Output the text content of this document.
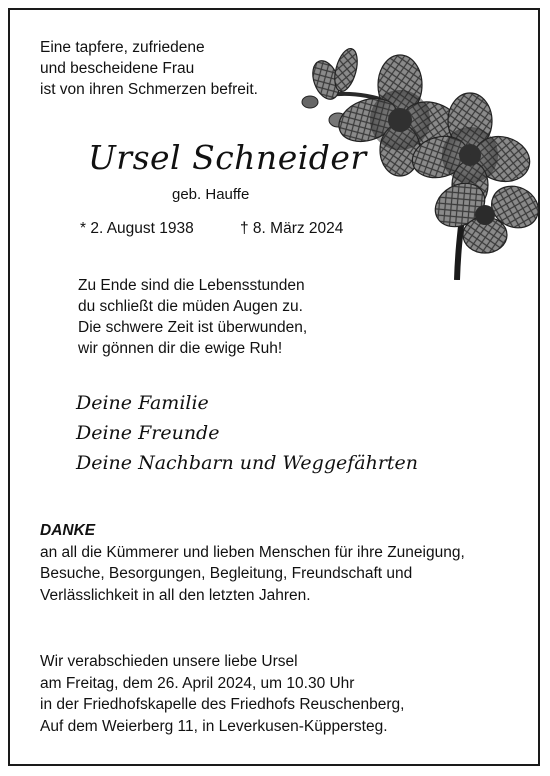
Eine tapfere, zufriedene
und bescheidene Frau
ist von ihren Schmerzen befreit.
Ursel Schneider
geb. Hauffe
* 2. August 1938	† 8. März 2024
Zu Ende sind die Lebensstunden
du schließt die müden Augen zu.
Die schwere Zeit ist überwunden,
wir gönnen dir die ewige Ruh!
Deine Familie
Deine Freunde
Deine Nachbarn und Weggefährten
DANKE
an all die Kümmerer und lieben Menschen für ihre Zuneigung,
Besuche, Besorgungen, Begleitung, Freundschaft und
Verlässlichkeit in all den letzten Jahren.
Wir verabschieden unsere liebe Ursel
am Freitag, dem 26. April 2024, um 10.30 Uhr
in der Friedhofskapelle des Friedhofs Reuschenberg,
Auf dem Weierberg 11, in Leverkusen-Küppersteg.
